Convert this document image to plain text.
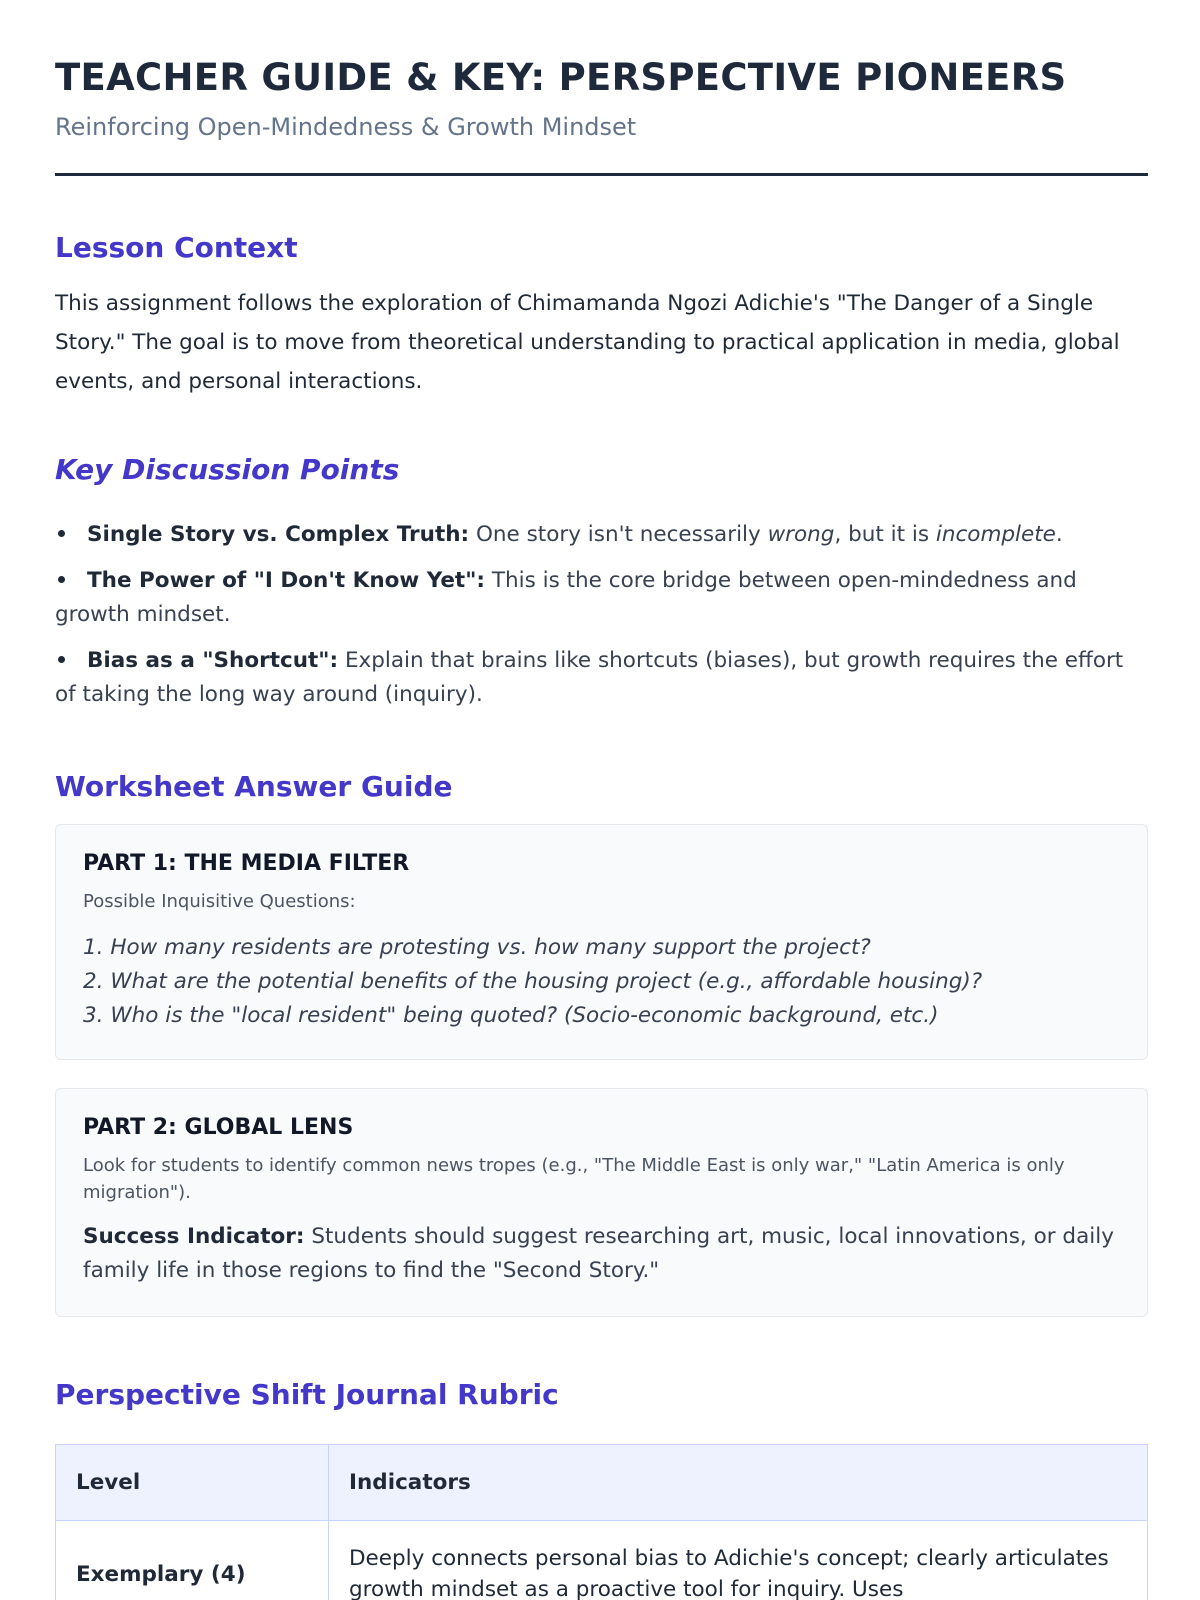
TEACHER GUIDE & KEY: PERSPECTIVE PIONEERS
Reinforcing Open-Mindedness & Growth Mindset
Lesson Context

This assignment follows the exploration of Chimamanda Ngozi Adichie's "The Danger of a Single Story." The goal is to move from theoretical understanding to practical application in media, global events, and personal interactions.

Key Discussion Points
Single Story vs. Complex Truth: One story isn't necessarily wrong, but it is incomplete.
The Power of "I Don't Know Yet": This is the core bridge between open-mindedness and growth mindset.
Bias as a "Shortcut": Explain that brains like shortcuts (biases), but growth requires the effort of taking the long way around (inquiry).
Worksheet Answer Guide
PART 1: THE MEDIA FILTER
Possible Inquisitive Questions:
1. How many residents are protesting vs. how many support the project?
2. What are the potential benefits of the housing project (e.g., affordable housing)?
3. Who is the "local resident" being quoted? (Socio-economic background, etc.)
PART 2: GLOBAL LENS
Look for students to identify common news tropes (e.g., "The Middle East is only war," "Latin America is only migration").
Success Indicator: Students should suggest researching art, music, local innovations, or daily family life in those regions to find the "Second Story."
Perspective Shift Journal Rubric
Level	Indicators
Exemplary (4)	Deeply connects personal bias to Adichie's concept; clearly articulates growth mindset as a proactive tool for inquiry. Uses
